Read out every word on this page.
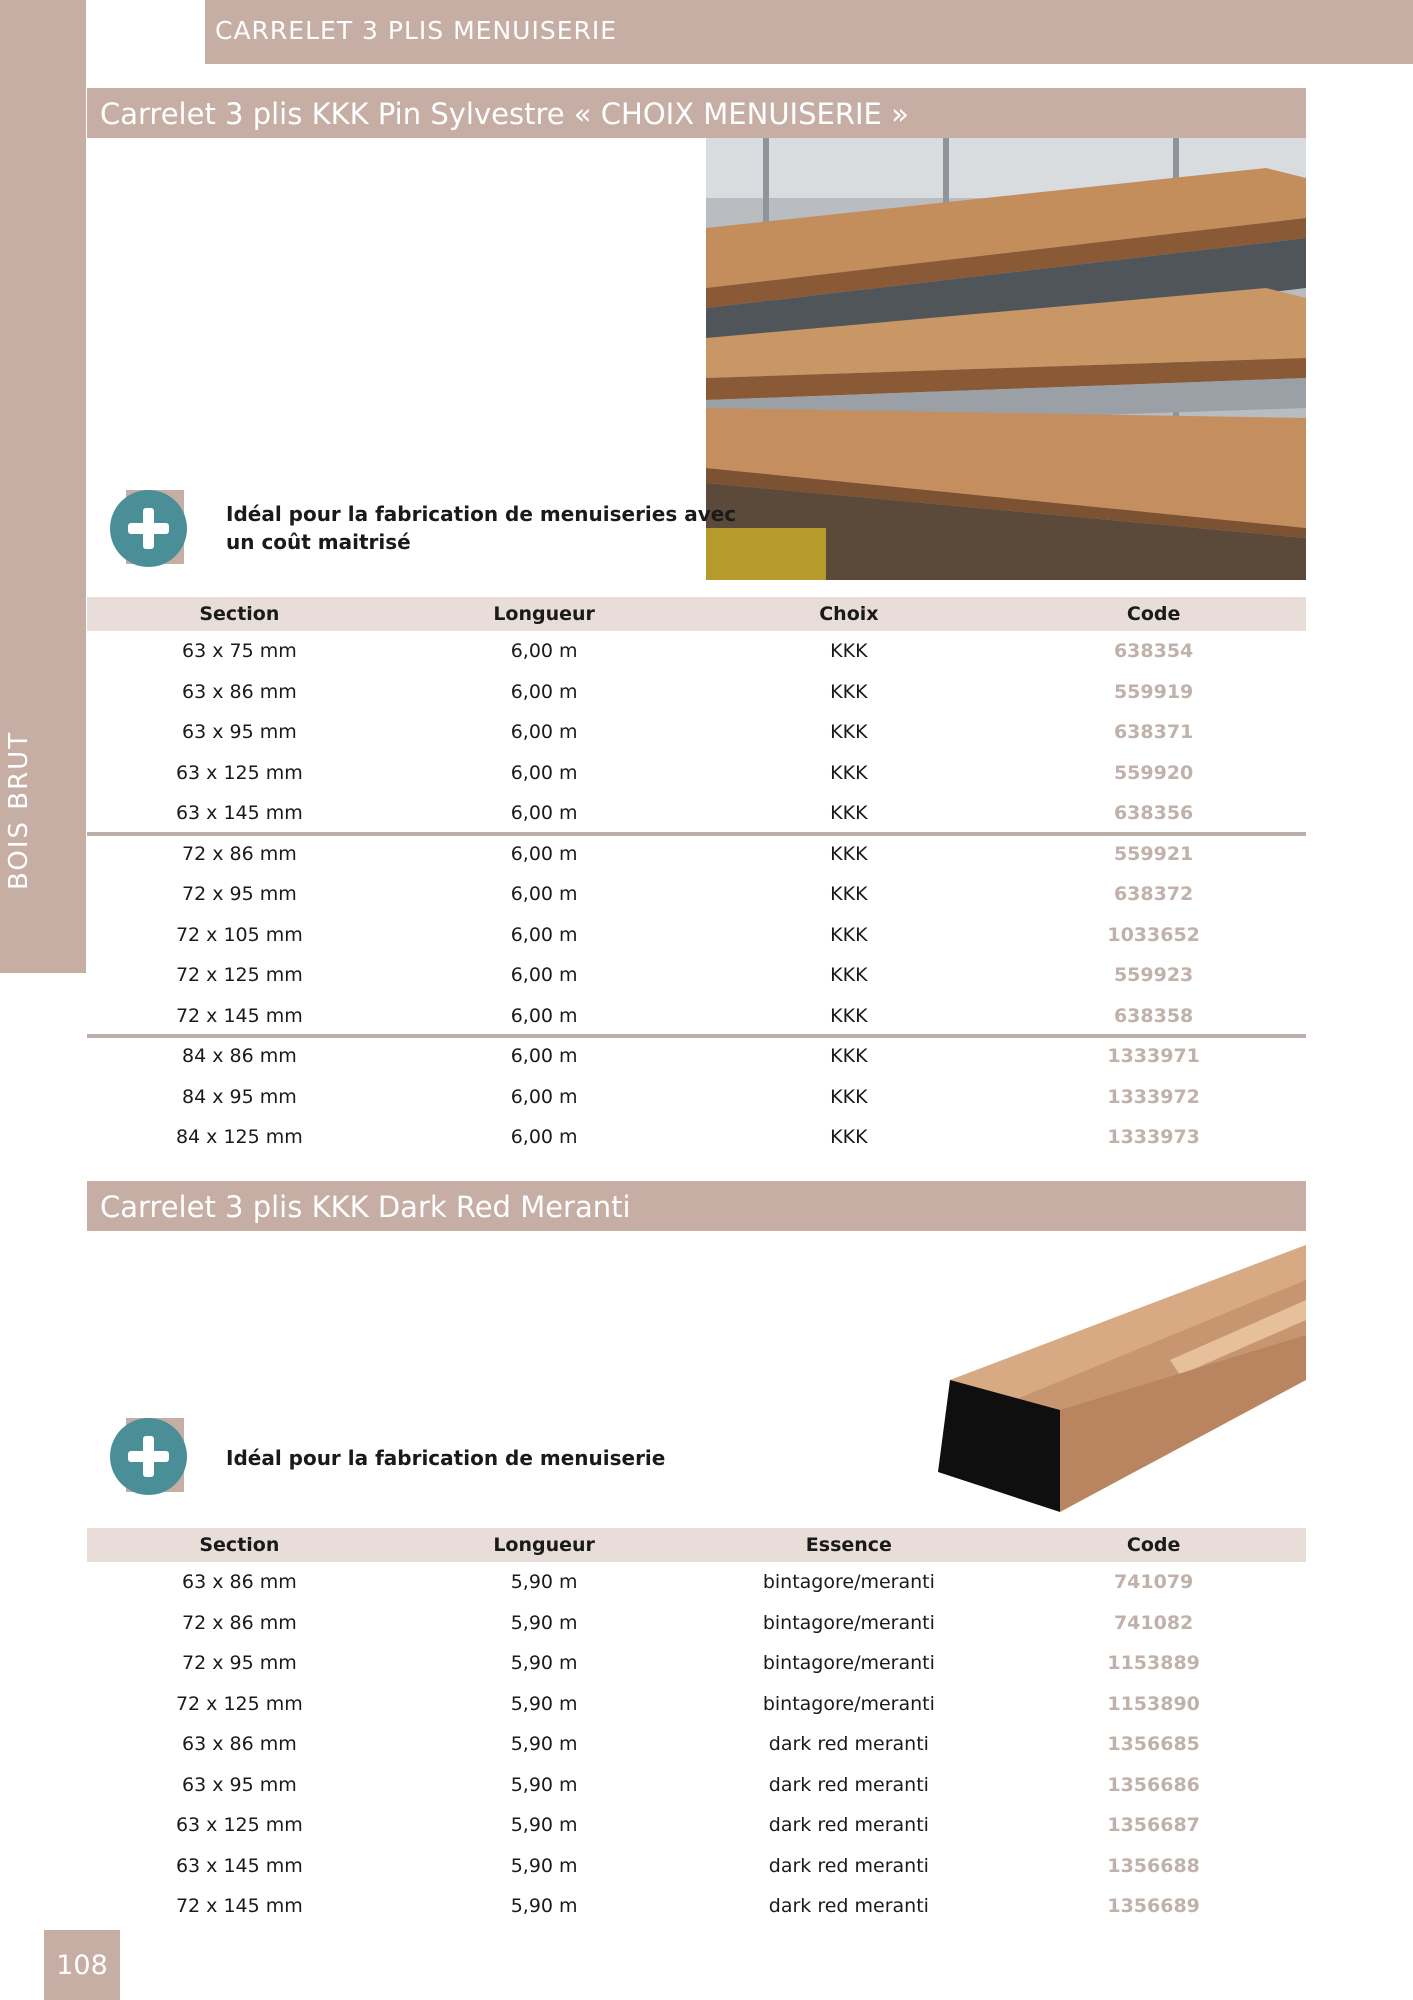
BOIS BRUT
CARRELET 3 PLIS MENUISERIE
Carrelet 3 plis KKK Pin Sylvestre « CHOIX MENUISERIE »
Idéal pour la fabrication de menuiseries avec
un coût maitrisé
Section	Longueur	Choix	Code
63 x 75 mm	6,00 m	KKK	638354
63 x 86 mm	6,00 m	KKK	559919
63 x 95 mm	6,00 m	KKK	638371
63 x 125 mm	6,00 m	KKK	559920
63 x 145 mm	6,00 m	KKK	638356
72 x 86 mm	6,00 m	KKK	559921
72 x 95 mm	6,00 m	KKK	638372
72 x 105 mm	6,00 m	KKK	1033652
72 x 125 mm	6,00 m	KKK	559923
72 x 145 mm	6,00 m	KKK	638358
84 x 86 mm	6,00 m	KKK	1333971
84 x 95 mm	6,00 m	KKK	1333972
84 x 125 mm	6,00 m	KKK	1333973
Carrelet 3 plis KKK Dark Red Meranti
Idéal pour la fabrication de menuiserie
Section	Longueur	Essence	Code
63 x 86 mm	5,90 m	bintagore/meranti	741079
72 x 86 mm	5,90 m	bintagore/meranti	741082
72 x 95 mm	5,90 m	bintagore/meranti	1153889
72 x 125 mm	5,90 m	bintagore/meranti	1153890
63 x 86 mm	5,90 m	dark red meranti	1356685
63 x 95 mm	5,90 m	dark red meranti	1356686
63 x 125 mm	5,90 m	dark red meranti	1356687
63 x 145 mm	5,90 m	dark red meranti	1356688
72 x 145 mm	5,90 m	dark red meranti	1356689
108
